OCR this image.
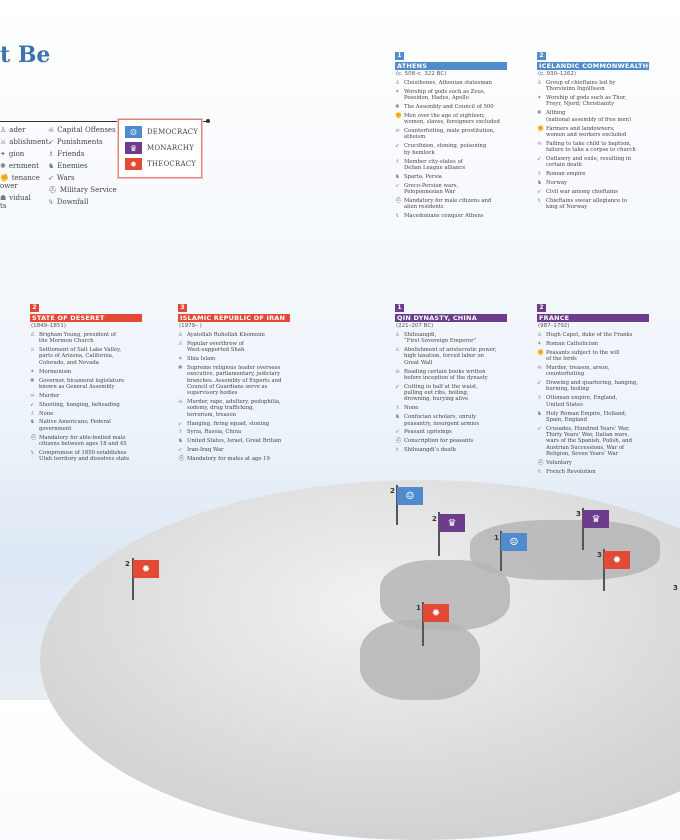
t Be
♙ ader
⚔ ablishment
✦ gion
✺ ernment
✊ tenance
ower
☗ vidual
ts
☠ Capital Offenses
➹ Punishments
♗ Friends
♞ Enemies
➶ Wars
⛑ Military Service
↯ Downfall
☺	DEMOCRACY
♛	MONARCHY
✹	THEOCRACY
1
ATHENS
(c. 508–c. 322 BC)
♙ Cleisthenes, Athenian statesman
✦ Worship of gods such as Zeus,
Poseidon, Hades, Apollo
✺ The Assembly and Council of 500
✊ Men over the age of eighteen;
women, slaves, foreigners excluded
☠ Counterfeiting, male prostitution,
atheism
➹ Crucifixion, stoning, poisoning
by hemlock
♗ Member city-states of
Delian League alliance
♞ Sparta, Persia
➶ Greco-Persian wars,
Peloponnesian War
⛑ Mandatory for male citizens and
alien residents
↯ Macedonians conquer Athens
2
ICELANDIC COMMONWEALTH
(c. 930–1262)
♙ Group of chieftains led by
Thorsteinn Ingólfsson
✦ Worship of gods such as Thor,
Freyr, Njord; Christianity
✺ Althing
(national assembly of free men)
✊ Farmers and landowners;
women and workers excluded
☠ Failing to take child to baptism,
failure to take a corpse to church
➹ Outlawry and exile, resulting in
certain death
♗ Roman empire
♞ Norway
➶ Civil war among chieftains
↯ Chieftains swear allegiance to
king of Norway
2
STATE OF DESERET
(1849–1851)
♙ Brigham Young, president of
the Mormon Church
⚔ Settlement of Salt Lake Valley,
parts of Arizona, California,
Colorado, and Nevada
✦ Mormonism
✺ Governor, bicameral legislature
known as General Assembly
☠ Murder
➹ Shooting, hanging, beheading
♗ None
♞ Native Americans; Federal
government
⛑ Mandatory for able-bodied male
citizens between ages 18 and 45
↯ Compromise of 1850 establishes
Utah territory and dissolves state
3
ISLAMIC REPUBLIC OF IRAN
(1979– )
♙ Ayatollah Ruhollah Khomeini
⚔ Popular overthrow of
West-supported Shah
✦ Shia Islam
✺ Supreme religious leader oversees
executive, parliamentary, judiciary
branches. Assembly of Experts and
Council of Guardians serve as
supervisory bodies
☠ Murder, rape, adultery, pedophilia,
sodomy, drug trafficking,
terrorism, treason
➹ Hanging, firing squad, stoning
♗ Syria, Russia, China
♞ United States, Israel, Great Britain
➶ Iran-Iraq War
⛑ Mandatory for males at age 19
1
QIN DYNASTY, CHINA
(221–207 BC)
♙ Shihuangdi,
“First Sovereign Emperor”
⚔ Abolishment of aristocratic power,
high taxation, forced labor on
Great Wall
☠ Reading certain books written
before inception of the dynasty
➹ Cutting in half at the waist,
pulling out ribs, boiling,
drowning, burying alive
♗ None
♞ Confucian scholars, unruly
peasantry, insurgent armies
➶ Peasant uprisings
⛑ Conscription for peasants
↯ Shihuangdi’s death
2
FRANCE
(987–1792)
♙ Hugh Capet, duke of the Franks
✦ Roman Catholicism
✊ Peasants subject to the will
of the lords
☠ Murder, treason, arson, counterfeiting
➹ Drawing and quartering, hanging,
burning, boiling
♗ Ottoman empire, England,
United States
♞ Holy Roman Empire, Holland,
Spain, England
➶ Crusades, Hundred Years’ War,
Thirty Years’ War, Italian wars,
wars of the Spanish, Polish, and
Austrian Successions, War of
Religion, Seven Years’ War
⛑ Voluntary
↯ French Revolution
2	✹
2	☺
2	♛
1	☺
3	♛
3	✹
1	✹
3
